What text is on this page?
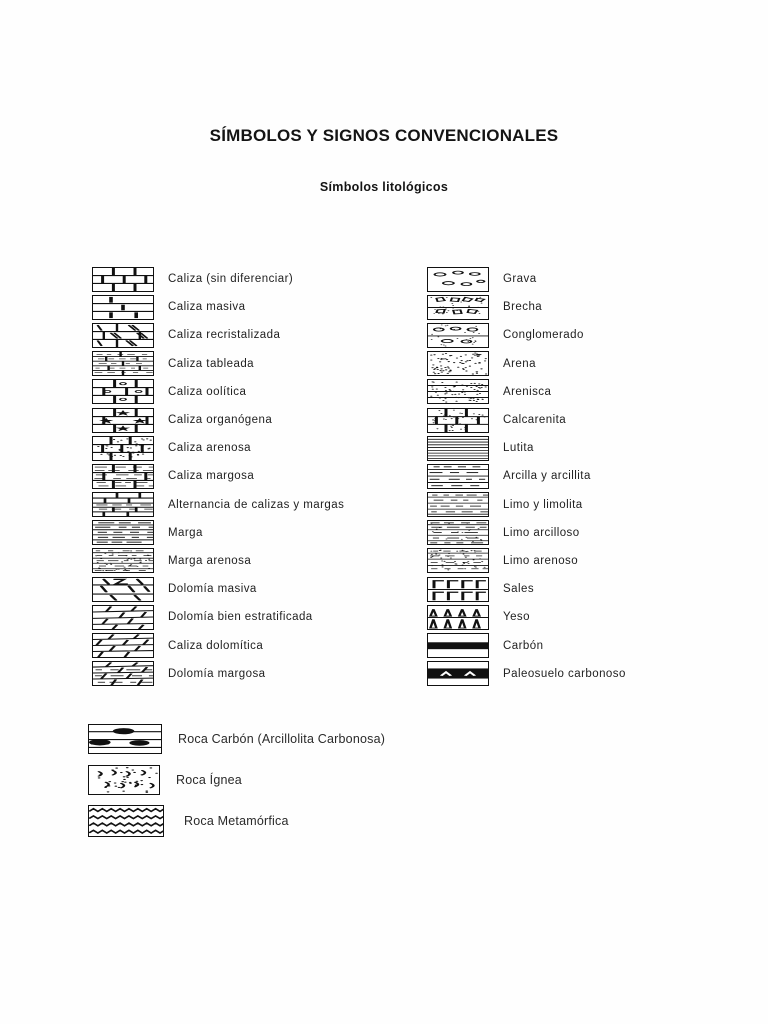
SÍMBOLOS Y SIGNOS CONVENCIONALES
Símbolos litológicos
Caliza (sin diferenciar)
Caliza masiva
Caliza recristalizada
Caliza tableada
Caliza oolítica
Caliza organógena
Caliza arenosa
Caliza margosa
Alternancia de calizas y margas
Marga
Marga arenosa
Dolomía masiva
Dolomía bien estratificada
Caliza dolomítica
Dolomía margosa
Grava
Brecha
Conglomerado
Arena
Arenisca
Calcarenita
Lutita
Arcilla y arcillita
Limo y limolita
Limo arcilloso
Limo arenoso
Sales
Yeso
Carbón
Paleosuelo carbonoso
Roca Carbón (Arcillolita Carbonosa)
Roca Ígnea
Roca Metamórfica
